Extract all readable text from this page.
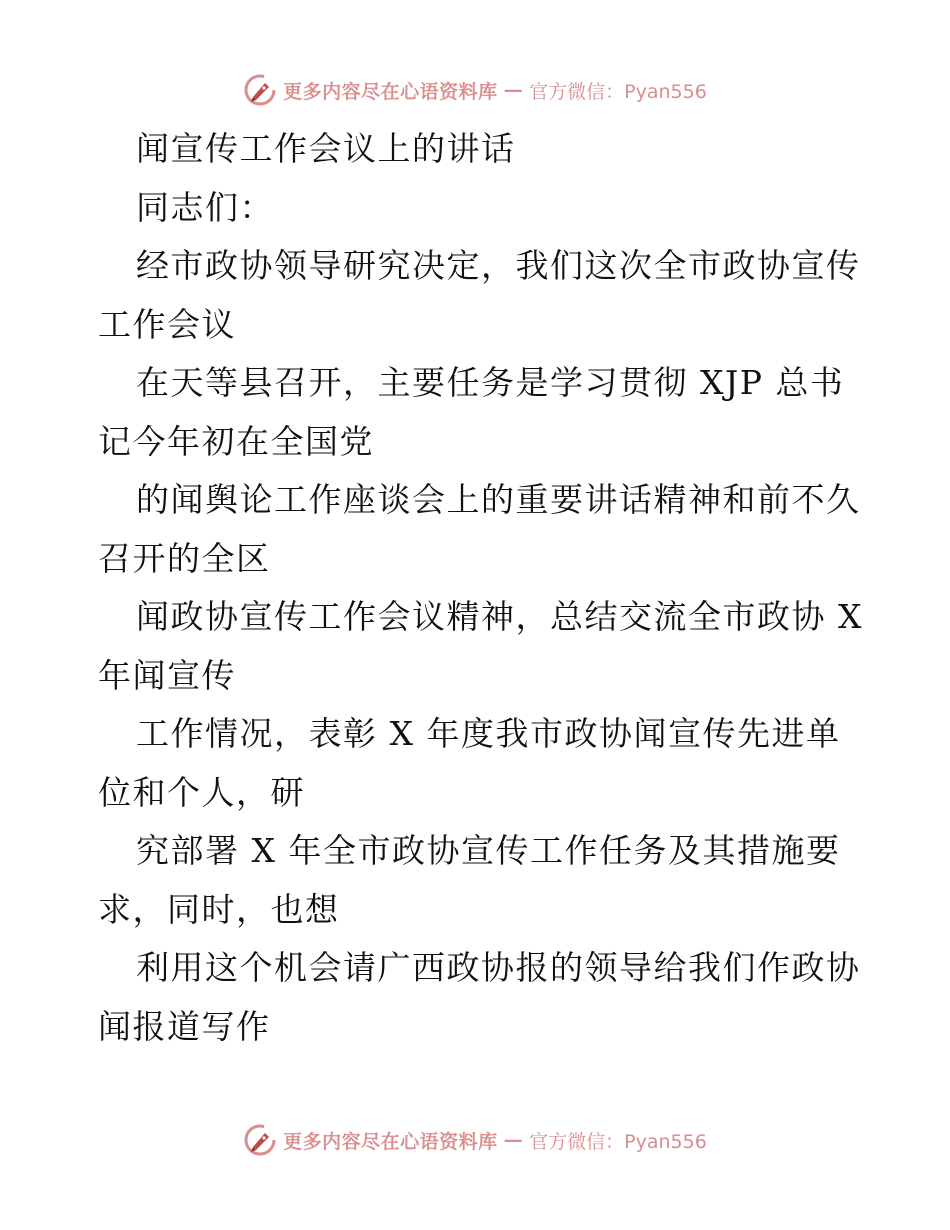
更多内容尽在心语资料库 — 官方微信：Pyan556
闻宣传工作会议上的讲话
同志们：
经市政协领导研究决定，我们这次全市政协宣传
工作会议
在天等县召开，主要任务是学习贯彻 XJP 总书
记今年初在全国党
的闻舆论工作座谈会上的重要讲话精神和前不久
召开的全区
闻政协宣传工作会议精神，总结交流全市政协 X
年闻宣传
工作情况，表彰 X 年度我市政协闻宣传先进单
位和个人，研
究部署 X 年全市政协宣传工作任务及其措施要
求，同时，也想
利用这个机会请广西政协报的领导给我们作政协
闻报道写作
更多内容尽在心语资料库 — 官方微信：Pyan556
